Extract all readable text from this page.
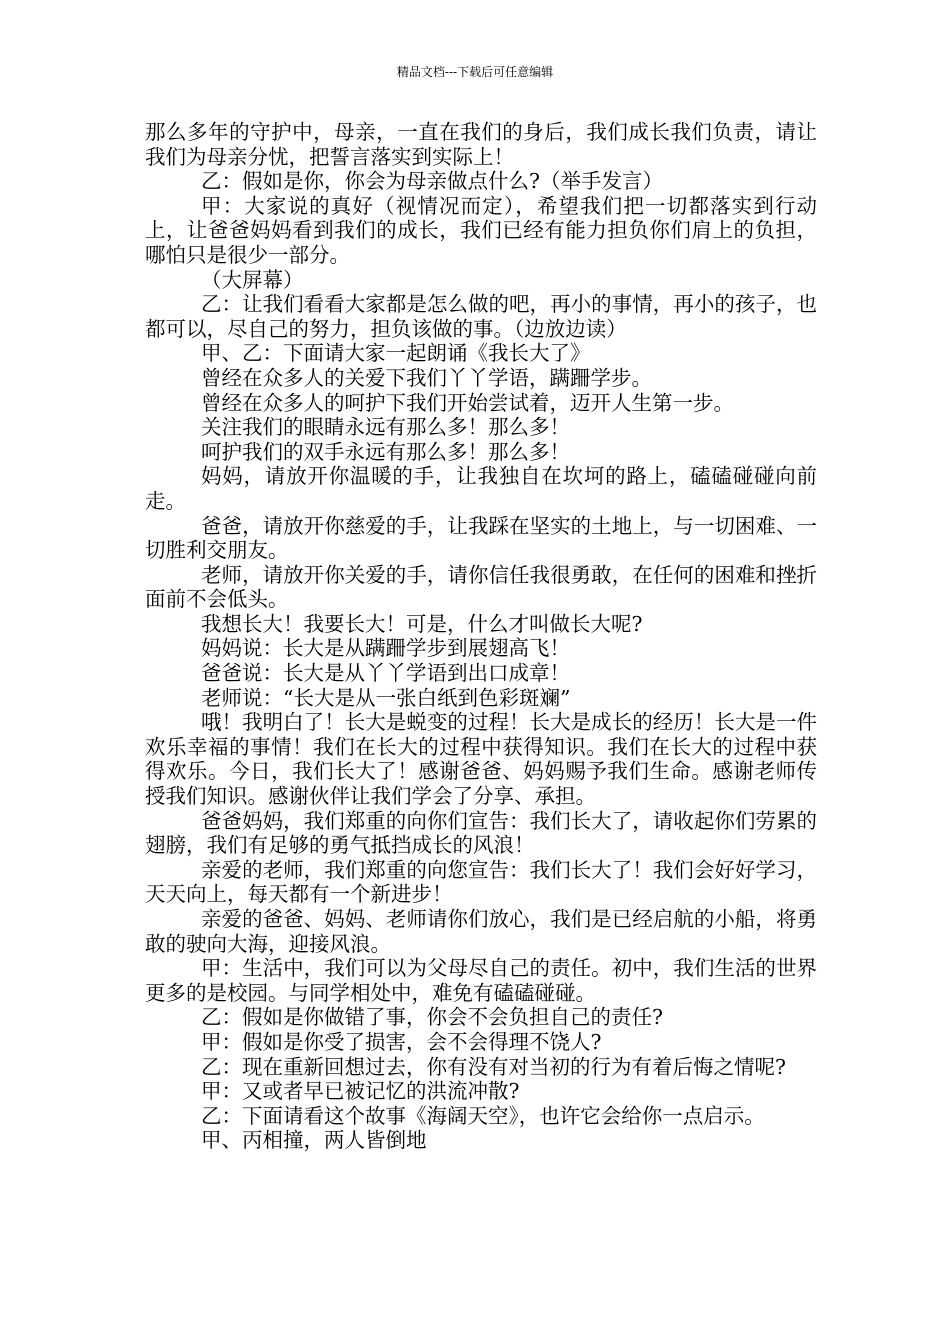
精品文档---下载后可任意编辑

那么多年的守护中，母亲，一直在我们的身后，我们成长我们负责，请让我们为母亲分忧，把誓言落实到实际上！

乙：假如是你，你会为母亲做点什么?（举手发言）

甲：大家说的真好（视情况而定），希望我们把一切都落实到行动上，让爸爸妈妈看到我们的成长，我们已经有能力担负你们肩上的负担，哪怕只是很少一部分。

（大屏幕）

乙：让我们看看大家都是怎么做的吧，再小的事情，再小的孩子，也都可以，尽自己的努力，担负该做的事。（边放边读）

甲、乙：下面请大家一起朗诵《我长大了》

曾经在众多人的关爱下我们丫丫学语，蹒跚学步。

曾经在众多人的呵护下我们开始尝试着，迈开人生第一步。

关注我们的眼睛永远有那么多！那么多！

呵护我们的双手永远有那么多！那么多！

妈妈，请放开你温暖的手，让我独自在坎坷的路上，磕磕碰碰向前走。

爸爸，请放开你慈爱的手，让我踩在坚实的土地上，与一切困难、一切胜利交朋友。

老师，请放开你关爱的手，请你信任我很勇敢，在任何的困难和挫折面前不会低头。

我想长大！我要长大！可是，什么才叫做长大呢?

妈妈说：长大是从蹒跚学步到展翅高飞！

爸爸说：长大是从丫丫学语到出口成章！

老师说：“长大是从一张白纸到色彩斑斓”

哦！我明白了！长大是蜕变的过程！长大是成长的经历！长大是一件欢乐幸福的事情！我们在长大的过程中获得知识。我们在长大的过程中获得欢乐。今日，我们长大了！感谢爸爸、妈妈赐予我们生命。感谢老师传授我们知识。感谢伙伴让我们学会了分享、承担。

爸爸妈妈，我们郑重的向你们宣告：我们长大了，请收起你们劳累的翅膀，我们有足够的勇气抵挡成长的风浪！

亲爱的老师，我们郑重的向您宣告：我们长大了！我们会好好学习，天天向上，每天都有一个新进步！

亲爱的爸爸、妈妈、老师请你们放心，我们是已经启航的小船，将勇敢的驶向大海，迎接风浪。

甲：生活中，我们可以为父母尽自己的责任。初中，我们生活的世界更多的是校园。与同学相处中，难免有磕磕碰碰。

乙：假如是你做错了事，你会不会负担自己的责任?

甲：假如是你受了损害，会不会得理不饶人?

乙：现在重新回想过去，你有没有对当初的行为有着后悔之情呢?

甲：又或者早已被记忆的洪流冲散?

乙：下面请看这个故事《海阔天空》，也许它会给你一点启示。

甲、丙相撞，两人皆倒地
